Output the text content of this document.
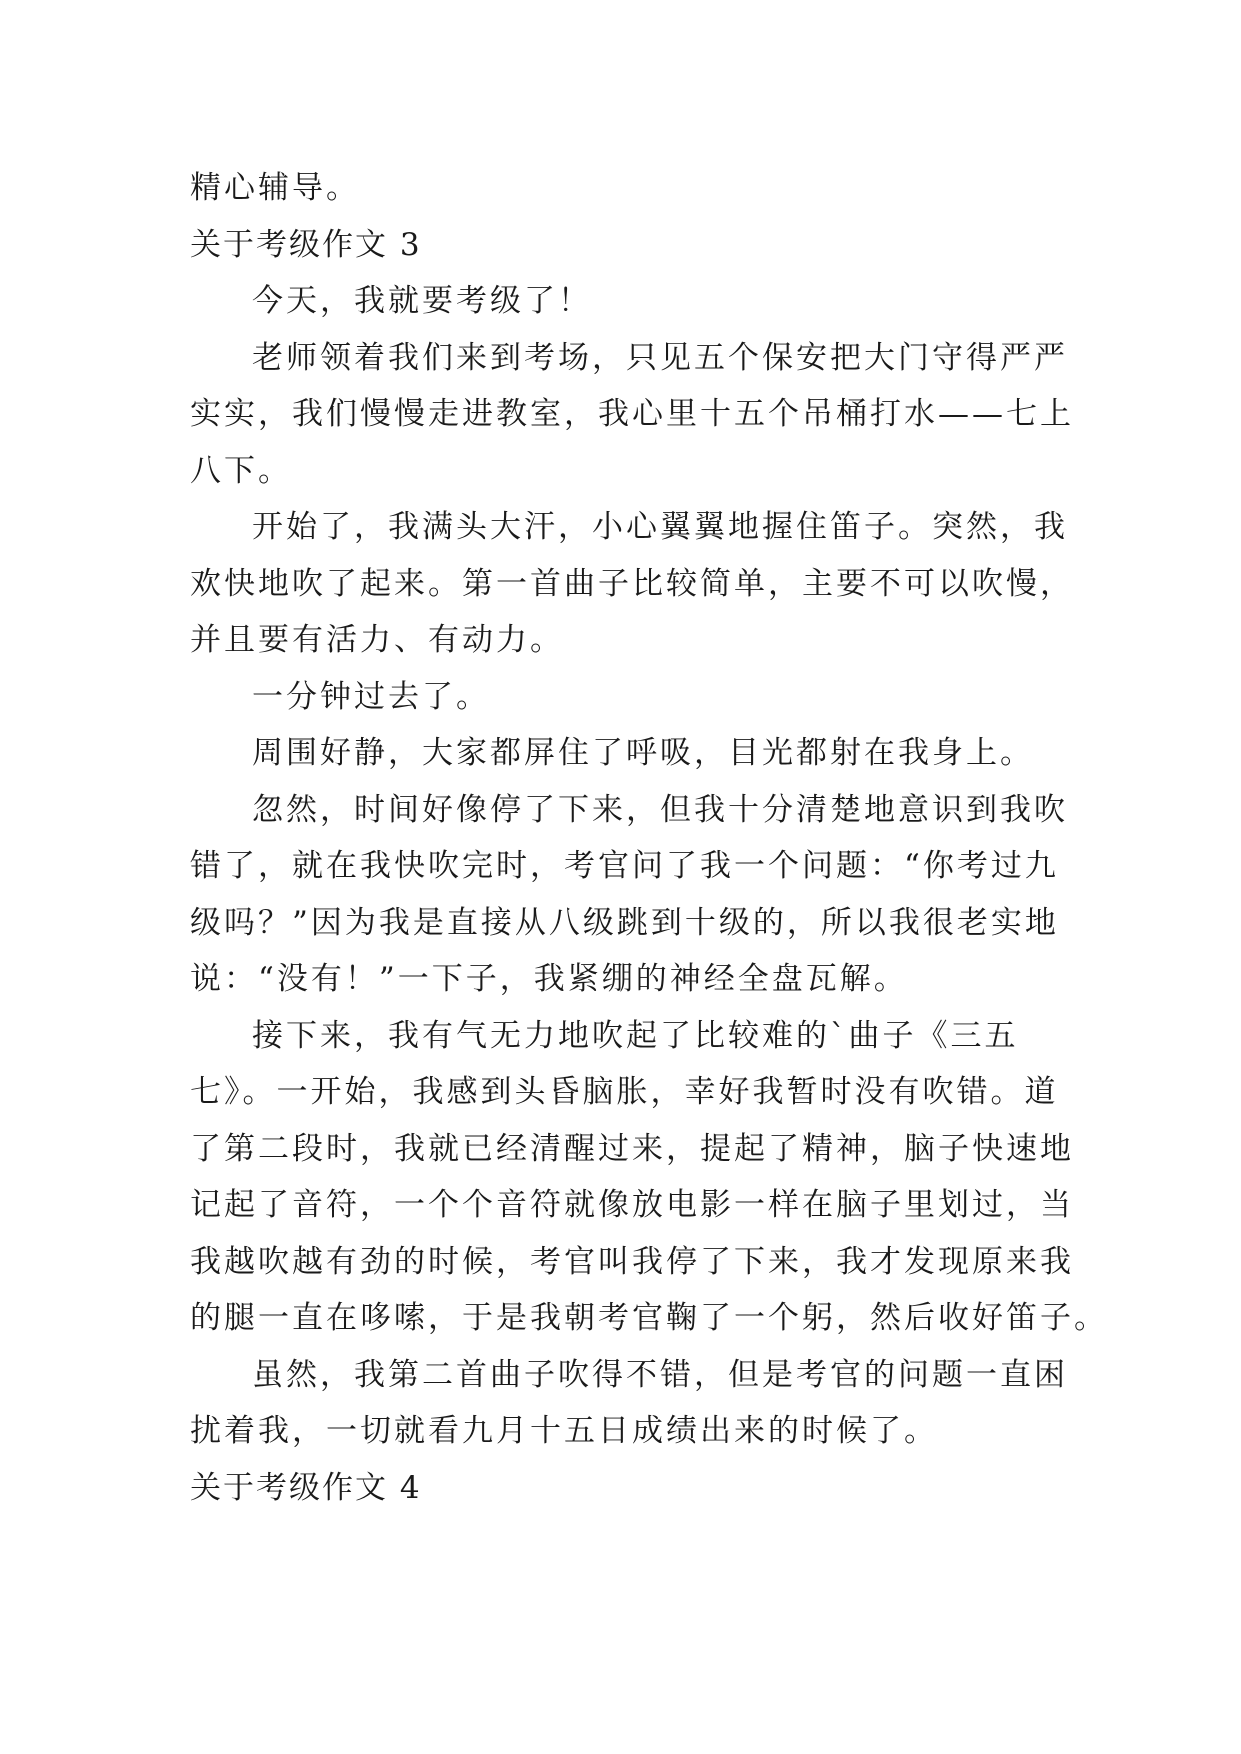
精心辅导。
关于考级作文 3
今天，我就要考级了！
老师领着我们来到考场，只见五个保安把大门守得严严
实实，我们慢慢走进教室，我心里十五个吊桶打水——七上
八下。
开始了，我满头大汗，小心翼翼地握住笛子。突然，我
欢快地吹了起来。第一首曲子比较简单，主要不可以吹慢，
并且要有活力、有动力。
一分钟过去了。
周围好静，大家都屏住了呼吸，目光都射在我身上。
忽然，时间好像停了下来，但我十分清楚地意识到我吹
错了，就在我快吹完时，考官问了我一个问题：“你考过九
级吗？”因为我是直接从八级跳到十级的，所以我很老实地
说：“没有！”一下子，我紧绷的神经全盘瓦解。
接下来，我有气无力地吹起了比较难的`曲子《三五
七》。一开始，我感到头昏脑胀，幸好我暂时没有吹错。道
了第二段时，我就已经清醒过来，提起了精神，脑子快速地
记起了音符，一个个音符就像放电影一样在脑子里划过，当
我越吹越有劲的时候，考官叫我停了下来，我才发现原来我
的腿一直在哆嗦，于是我朝考官鞠了一个躬，然后收好笛子。
虽然，我第二首曲子吹得不错，但是考官的问题一直困
扰着我，一切就看九月十五日成绩出来的时候了。
关于考级作文 4
